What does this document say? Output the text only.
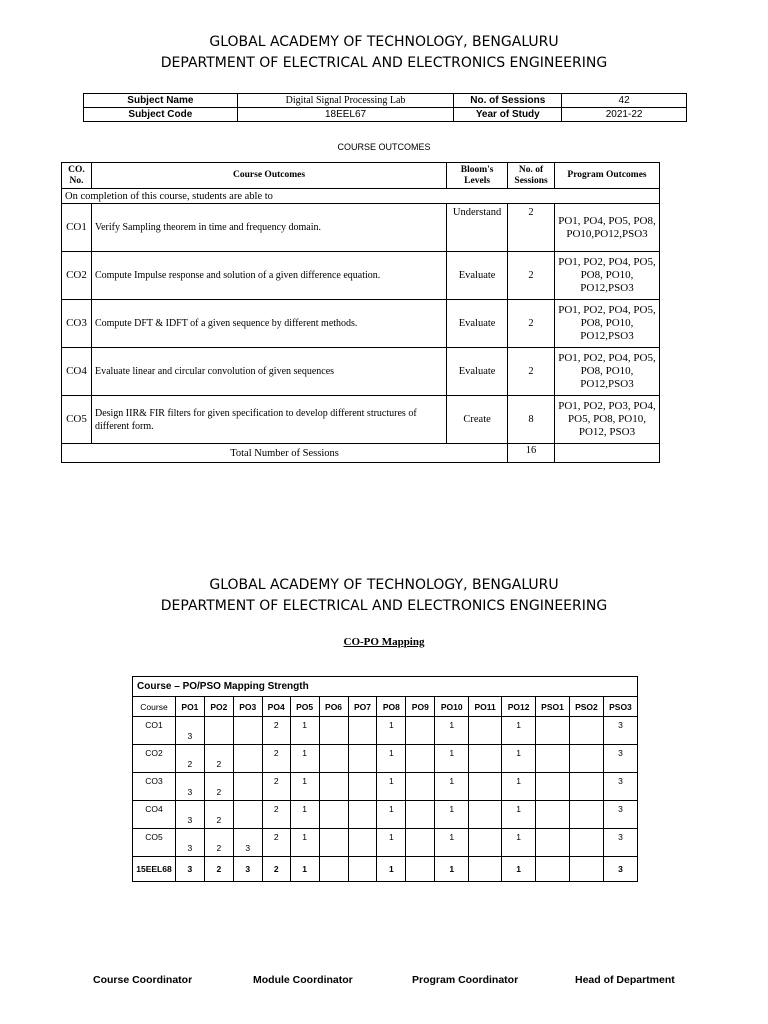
GLOBAL ACADEMY OF TECHNOLOGY, BENGALURU
DEPARTMENT OF ELECTRICAL AND ELECTRONICS ENGINEERING
Subject Name	Digital Signal Processing Lab	No. of Sessions	42
Subject Code	18EEL67	Year of Study	2021-22
COURSE OUTCOMES
CO. No.	Course Outcomes	Bloom's Levels	No. of Sessions	Program Outcomes
On completion of this course, students are able to				
CO1	Verify Sampling theorem in time and frequency domain.	Understand	2	PO1, PO4, PO5, PO8, PO10,PO12,PSO3
CO2	Compute Impulse response and solution of a given difference equation.	Evaluate	2	PO1, PO2, PO4, PO5, PO8, PO10, PO12,PSO3
CO3	Compute DFT & IDFT of a given sequence by different methods.	Evaluate	2	PO1, PO2, PO4, PO5, PO8, PO10, PO12,PSO3
CO4	Evaluate linear and circular convolution of given sequences	Evaluate	2	PO1, PO2, PO4, PO5, PO8, PO10, PO12,PSO3
CO5	Design IIR& FIR filters for given specification to develop different structures of different form.	Create	8	PO1, PO2, PO3, PO4, PO5, PO8, PO10, PO12, PSO3
Total Number of Sessions			16	
GLOBAL ACADEMY OF TECHNOLOGY, BENGALURU
DEPARTMENT OF ELECTRICAL AND ELECTRONICS ENGINEERING
CO-PO Mapping
Course – PO/PSO Mapping Strength															
Course	PO1	PO2	PO3	PO4	PO5	PO6	PO7	PO8	PO9	PO10	PO11	PO12	PSO1	PSO2	PSO3
CO1	3			2	1			1		1		1			3
CO2	2	2		2	1			1		1		1			3
CO3	3	2		2	1			1		1		1			3
CO4	3	2		2	1			1		1		1			3
CO5	3	2	3	2	1			1		1		1			3
15EEL68	3	2	3	2	1			1		1		1			3
Course Coordinator	Module Coordinator	Program Coordinator	Head of Department
